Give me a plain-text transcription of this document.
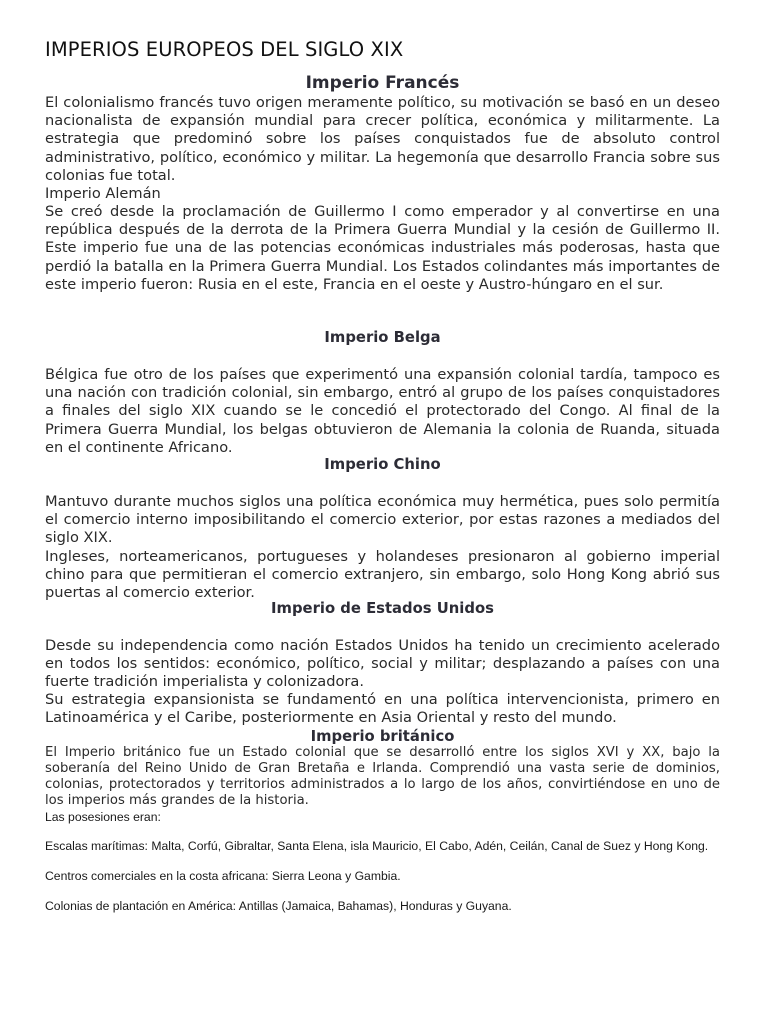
IMPERIOS EUROPEOS DEL SIGLO XIX
Imperio Francés
El colonialismo francés tuvo origen meramente político, su motivación se basó en un deseo nacionalista de expansión mundial para crecer política, económica y militarmente. La estrategia que predominó sobre los países conquistados fue de absoluto control administrativo, político, económico y militar. La hegemonía que desarrollo Francia sobre sus colonias fue total.
Imperio Alemán
Se creó desde la proclamación de Guillermo I como emperador y al convertirse en una república después de la derrota de la Primera Guerra Mundial y la cesión de Guillermo II. Este imperio fue una de las potencias económicas industriales más poderosas, hasta que perdió la batalla en la Primera Guerra Mundial. Los Estados colindantes más importantes de este imperio fueron: Rusia en el este, Francia en el oeste y Austro-húngaro en el sur.
Imperio Belga
Bélgica fue otro de los países que experimentó una expansión colonial tardía, tampoco es una nación con tradición colonial, sin embargo, entró al grupo de los países conquistadores a finales del siglo XIX cuando se le concedió el protectorado del Congo. Al final de la Primera Guerra Mundial, los belgas obtuvieron de Alemania la colonia de Ruanda, situada en el continente Africano.
Imperio Chino
Mantuvo durante muchos siglos una política económica muy hermética, pues solo permitía el comercio interno imposibilitando el comercio exterior, por estas razones a mediados del siglo XIX.
Ingleses, norteamericanos, portugueses y holandeses presionaron al gobierno imperial chino para que permitieran el comercio extranjero, sin embargo, solo Hong Kong abrió sus puertas al comercio exterior.
Imperio de Estados Unidos
Desde su independencia como nación Estados Unidos ha tenido un crecimiento acelerado en todos los sentidos: económico, político, social y militar; desplazando a países con una fuerte tradición imperialista y colonizadora.
Su estrategia expansionista se fundamentó en una política intervencionista, primero en Latinoamérica y el Caribe, posteriormente en Asia Oriental y resto del mundo.
Imperio británico
El Imperio británico fue un Estado colonial que se desarrolló entre los siglos XVI y XX, bajo la soberanía del Reino Unido de Gran Bretaña e Irlanda. Comprendió una vasta serie de dominios, colonias, protectorados y territorios administrados a lo largo de los años, convirtiéndose en uno de los imperios más grandes de la historia.
Las posesiones eran:
Escalas marítimas: Malta, Corfú, Gibraltar, Santa Elena, isla Mauricio, El Cabo, Adén, Ceilán, Canal de Suez y Hong Kong.
Centros comerciales en la costa africana: Sierra Leona y Gambia.
Colonias de plantación en América: Antillas (Jamaica, Bahamas), Honduras y Guyana.
